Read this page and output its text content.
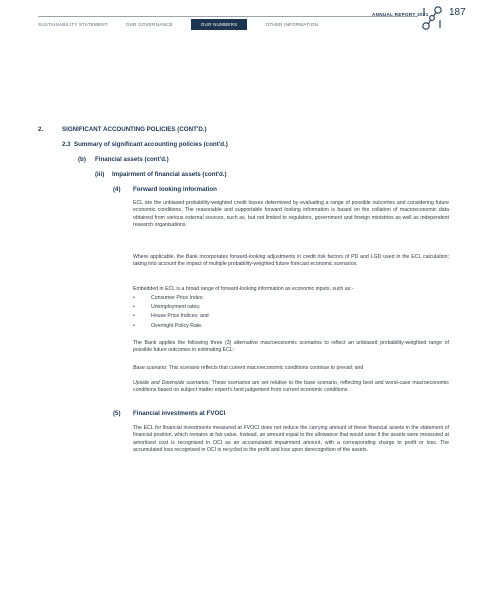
ANNUAL REPORT 2021 187
SUSTAINABILITY STATEMENT	OUR GOVERNANCE	OUR NUMBERS	OTHER INFORMATION
2.	SIGNIFICANT ACCOUNTING POLICIES (CONT'D.)
2.3 Summary of significant accounting policies (cont'd.)
(b) Financial assets (cont'd.)
(iii) Impairment of financial assets (cont'd.)
(4) Forward looking information

ECL are the unbiased probability-weighted credit losses determined by evaluating a range of possible outcomes and considering future economic conditions. The reasonable and supportable forward looking information is based on the collation of macroeconomic data obtained from various external sources, such as, but not limited to regulators, government and foreign ministries as well as independent research organisations.

Where applicable, the Bank incorporates forward-looking adjustments in credit risk factors of PD and LGD used in the ECL calculation; taking into account the impact of multiple probability-weighted future forecast economic scenarios.

Embedded in ECL is a broad range of forward-looking information as economic inputs, such as:-

• Consumer Price Index;
• Unemployment rates;
• House Price Indices; and
• Overnight Policy Rate.

The Bank applies the following three (3) alternative macroeconomic scenarios to reflect an unbiased probability-weighted range of possible future outcomes in estimating ECL:

Base scenario: This scenario reflects that current macroeconomic conditions continue to prevail; and

Upside and Downside scenarios: These scenarios are set relative to the base scenario, reflecting best and worst-case macroeconomic conditions based on subject matter expert's best judgement from current economic conditions.

(5) Financial investments at FVOCI

The ECL for financial investments measured at FVOCI does not reduce the carrying amount of these financial assets in the statement of financial position, which remains at fair value. Instead, an amount equal to the allowance that would arise if the assets were measured at amortised cost is recognised in OCI as an accumulated impairment amount, with a corresponding charge to profit or loss. The accumulated loss recognised in OCI is recycled to the profit and loss upon derecognition of the assets.
